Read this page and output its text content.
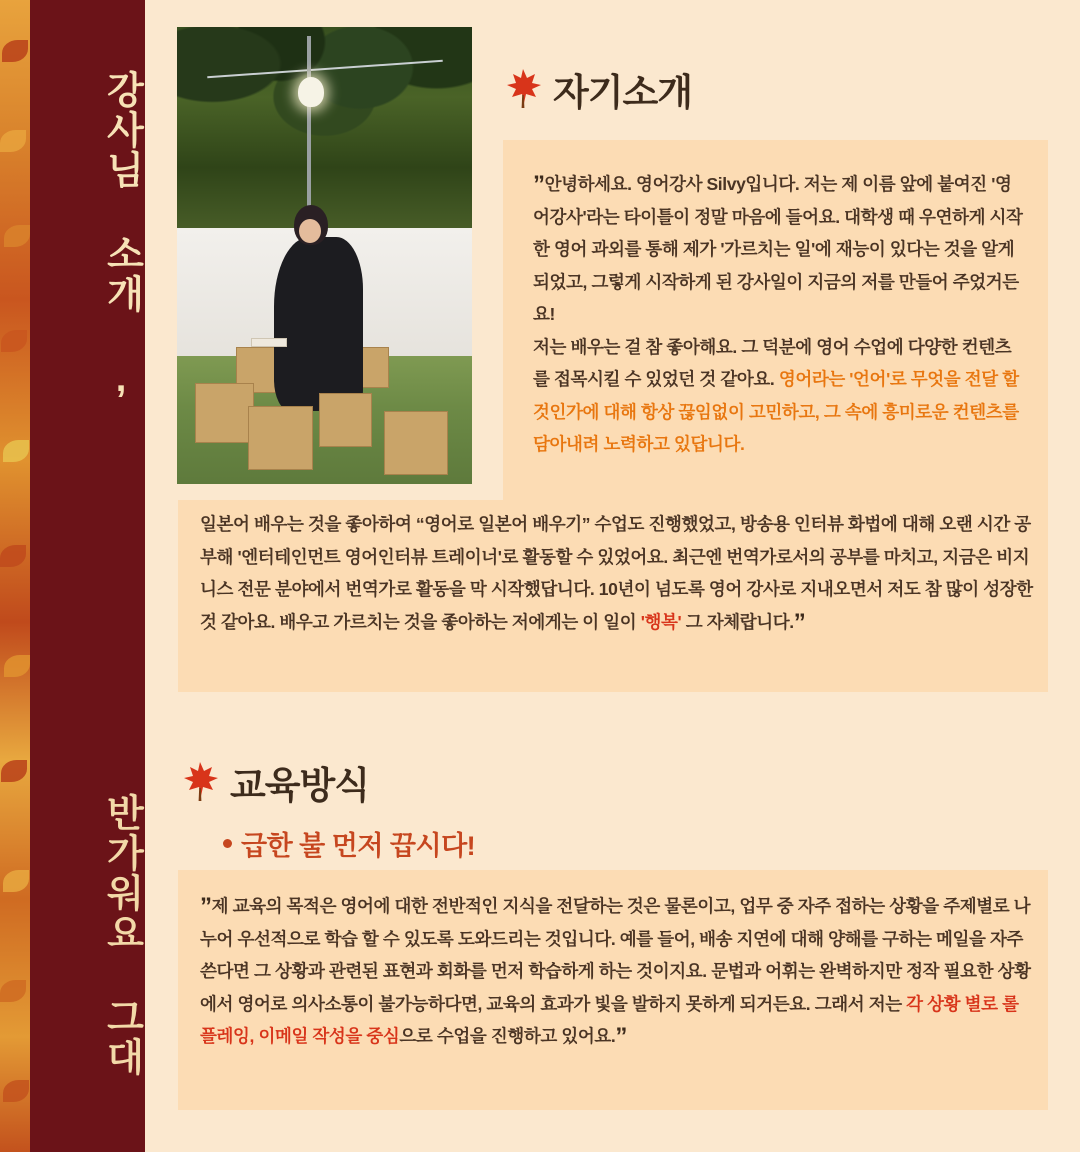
강사님 소개 ,
반가워요 그대
자기소개
”안녕하세요. 영어강사 Silvy입니다. 저는 제 이름 앞에 붙여진 '영어강사'라는 타이틀이 정말 마음에 들어요. 대학생 때 우연하게 시작한 영어 과외를 통해 제가 '가르치는 일'에 재능이 있다는 것을 알게 되었고, 그렇게 시작하게 된 강사일이 지금의 저를 만들어 주었거든요!
저는 배우는 걸 참 좋아해요. 그 덕분에 영어 수업에 다양한 컨텐츠를 접목시킬 수 있었던 것 같아요. 영어라는 '언어'로 무엇을 전달 할 것인가에 대해 항상 끊임없이 고민하고, 그 속에 흥미로운 컨텐츠를 담아내려 노력하고 있답니다.
일본어 배우는 것을 좋아하여 “영어로 일본어 배우기” 수업도 진행했었고, 방송용 인터뷰 화법에 대해 오랜 시간 공부해 '엔터테인먼트 영어인터뷰 트레이너'로 활동할 수 있었어요. 최근엔 번역가로서의 공부를 마치고, 지금은 비지니스 전문 분야에서 번역가로 활동을 막 시작했답니다. 10년이 넘도록 영어 강사로 지내오면서 저도 참 많이 성장한 것 같아요. 배우고 가르치는 것을 좋아하는 저에게는 이 일이 '행복' 그 자체랍니다.”
교육방식
급한 불 먼저 끕시다!
”제 교육의 목적은 영어에 대한 전반적인 지식을 전달하는 것은 물론이고, 업무 중 자주 접하는 상황을 주제별로 나누어 우선적으로 학습 할 수 있도록 도와드리는 것입니다. 예를 들어, 배송 지연에 대해 양해를 구하는 메일을 자주 쓴다면 그 상황과 관련된 표현과 회화를 먼저 학습하게 하는 것이지요. 문법과 어휘는 완벽하지만 정작 필요한 상황에서 영어로 의사소통이 불가능하다면, 교육의 효과가 빛을 발하지 못하게 되거든요. 그래서 저는 각 상황 별로 롤 플레잉, 이메일 작성을 중심으로 수업을 진행하고 있어요.”
